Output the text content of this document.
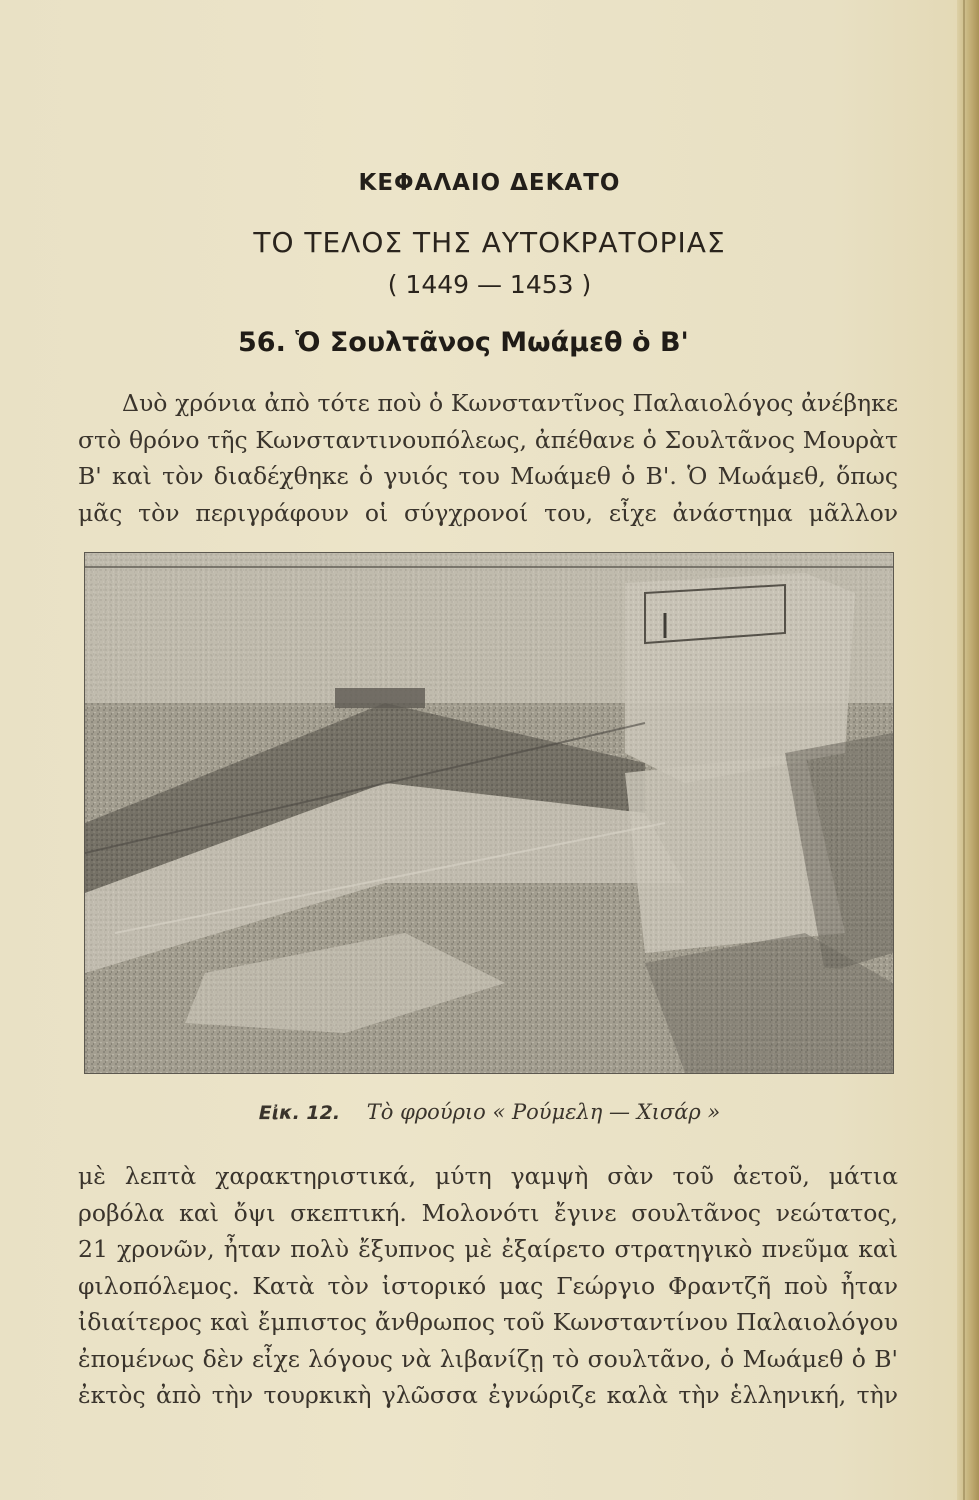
ΚΕΦΑΛΑΙΟ ΔΕΚΑΤΟ
ΤΟ ΤΕΛΟΣ ΤΗΣ ΑΥΤΟΚΡΑΤΟΡΙΑΣ
( 1449 — 1453 )
56. Ὁ Σουλτᾶνος Μωάμεθ ὁ Β'
Δυὸ χρόνια ἀπὸ τότε ποὺ ὁ Κωνσταντῖνος Παλαιολόγος ἀνέβηκε
στὸ θρόνο τῆς Κωνσταντινουπόλεως, ἀπέθανε ὁ Σουλτᾶνος Μουρὰτ
Β' καὶ τὸν διαδέχθηκε ὁ γυιός του Μωάμεθ ὁ Β'. Ὁ Μωάμεθ, ὅπως
μᾶς τὸν περιγράφουν οἱ σύγχρονοί του, εἶχε ἀνάστημα μᾶλλον
Εἰκ. 12. Τὸ φρούριο « Ρούμελη — Χισάρ »
μὲ λεπτὰ χαρακτηριστικά, μύτη γαμψὴ σὰν τοῦ ἀετοῦ, μάτια
ροβόλα καὶ ὄψι σκεπτική. Μολονότι ἔγινε σουλτᾶνος νεώτατος,
21 χρονῶν, ἦταν πολὺ ἔξυπνος μὲ ἐξαίρετο στρατηγικὸ πνεῦμα καὶ
φιλοπόλεμος. Κατὰ τὸν ἱστορικό μας Γεώργιο Φραντζῆ ποὺ ἦταν
ἰδιαίτερος καὶ ἔμπιστος ἄνθρωπος τοῦ Κωνσταντίνου Παλαιολόγου
ἐπομένως δὲν εἶχε λόγους νὰ λιβανίζῃ τὸ σουλτᾶνο, ὁ Μωάμεθ ὁ Β'
ἐκτὸς ἀπὸ τὴν τουρκικὴ γλῶσσα ἐγνώριζε καλὰ τὴν ἑλληνική, τὴν
